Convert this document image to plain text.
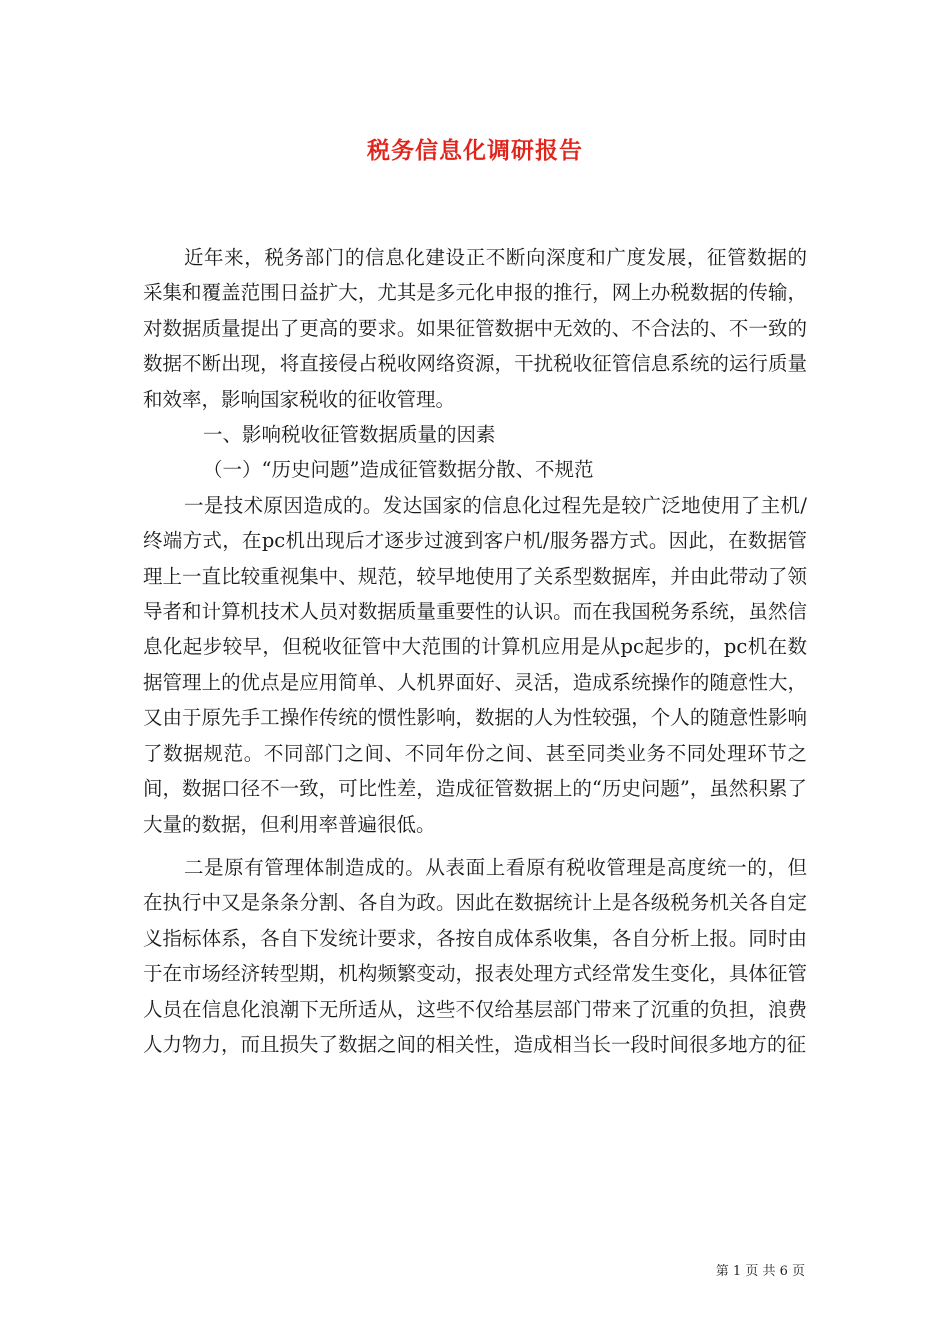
税务信息化调研报告

近年来，税务部门的信息化建设正不断向深度和广度发展，征管数据的采集和覆盖范围日益扩大，尤其是多元化申报的推行，网上办税数据的传输，对数据质量提出了更高的要求。如果征管数据中无效的、不合法的、不一致的数据不断出现，将直接侵占税收网络资源，干扰税收征管信息系统的运行质量和效率，影响国家税收的征收管理。

一、影响税收征管数据质量的因素

（一）“历史问题”造成征管数据分散、不规范

一是技术原因造成的。发达国家的信息化过程先是较广泛地使用了主机/终端方式，在pc机出现后才逐步过渡到客户机/服务器方式。因此，在数据管理上一直比较重视集中、规范，较早地使用了关系型数据库，并由此带动了领导者和计算机技术人员对数据质量重要性的认识。而在我国税务系统，虽然信息化起步较早，但税收征管中大范围的计算机应用是从pc起步的，pc机在数据管理上的优点是应用简单、人机界面好、灵活，造成系统操作的随意性大，又由于原先手工操作传统的惯性影响，数据的人为性较强，个人的随意性影响了数据规范。不同部门之间、不同年份之间、甚至同类业务不同处理环节之间，数据口径不一致，可比性差，造成征管数据上的“历史问题”，虽然积累了大量的数据，但利用率普遍很低。

二是原有管理体制造成的。从表面上看原有税收管理是高度统一的，但在执行中又是条条分割、各自为政。因此在数据统计上是各级税务机关各自定义指标体系，各自下发统计要求，各按自成体系收集，各自分析上报。同时由于在市场经济转型期，机构频繁变动，报表处理方式经常发生变化，具体征管人员在信息化浪潮下无所适从，这些不仅给基层部门带来了沉重的负担，浪费人力物力，而且损失了数据之间的相关性，造成相当长一段时间很多地方的征

第 1 页 共 6 页
